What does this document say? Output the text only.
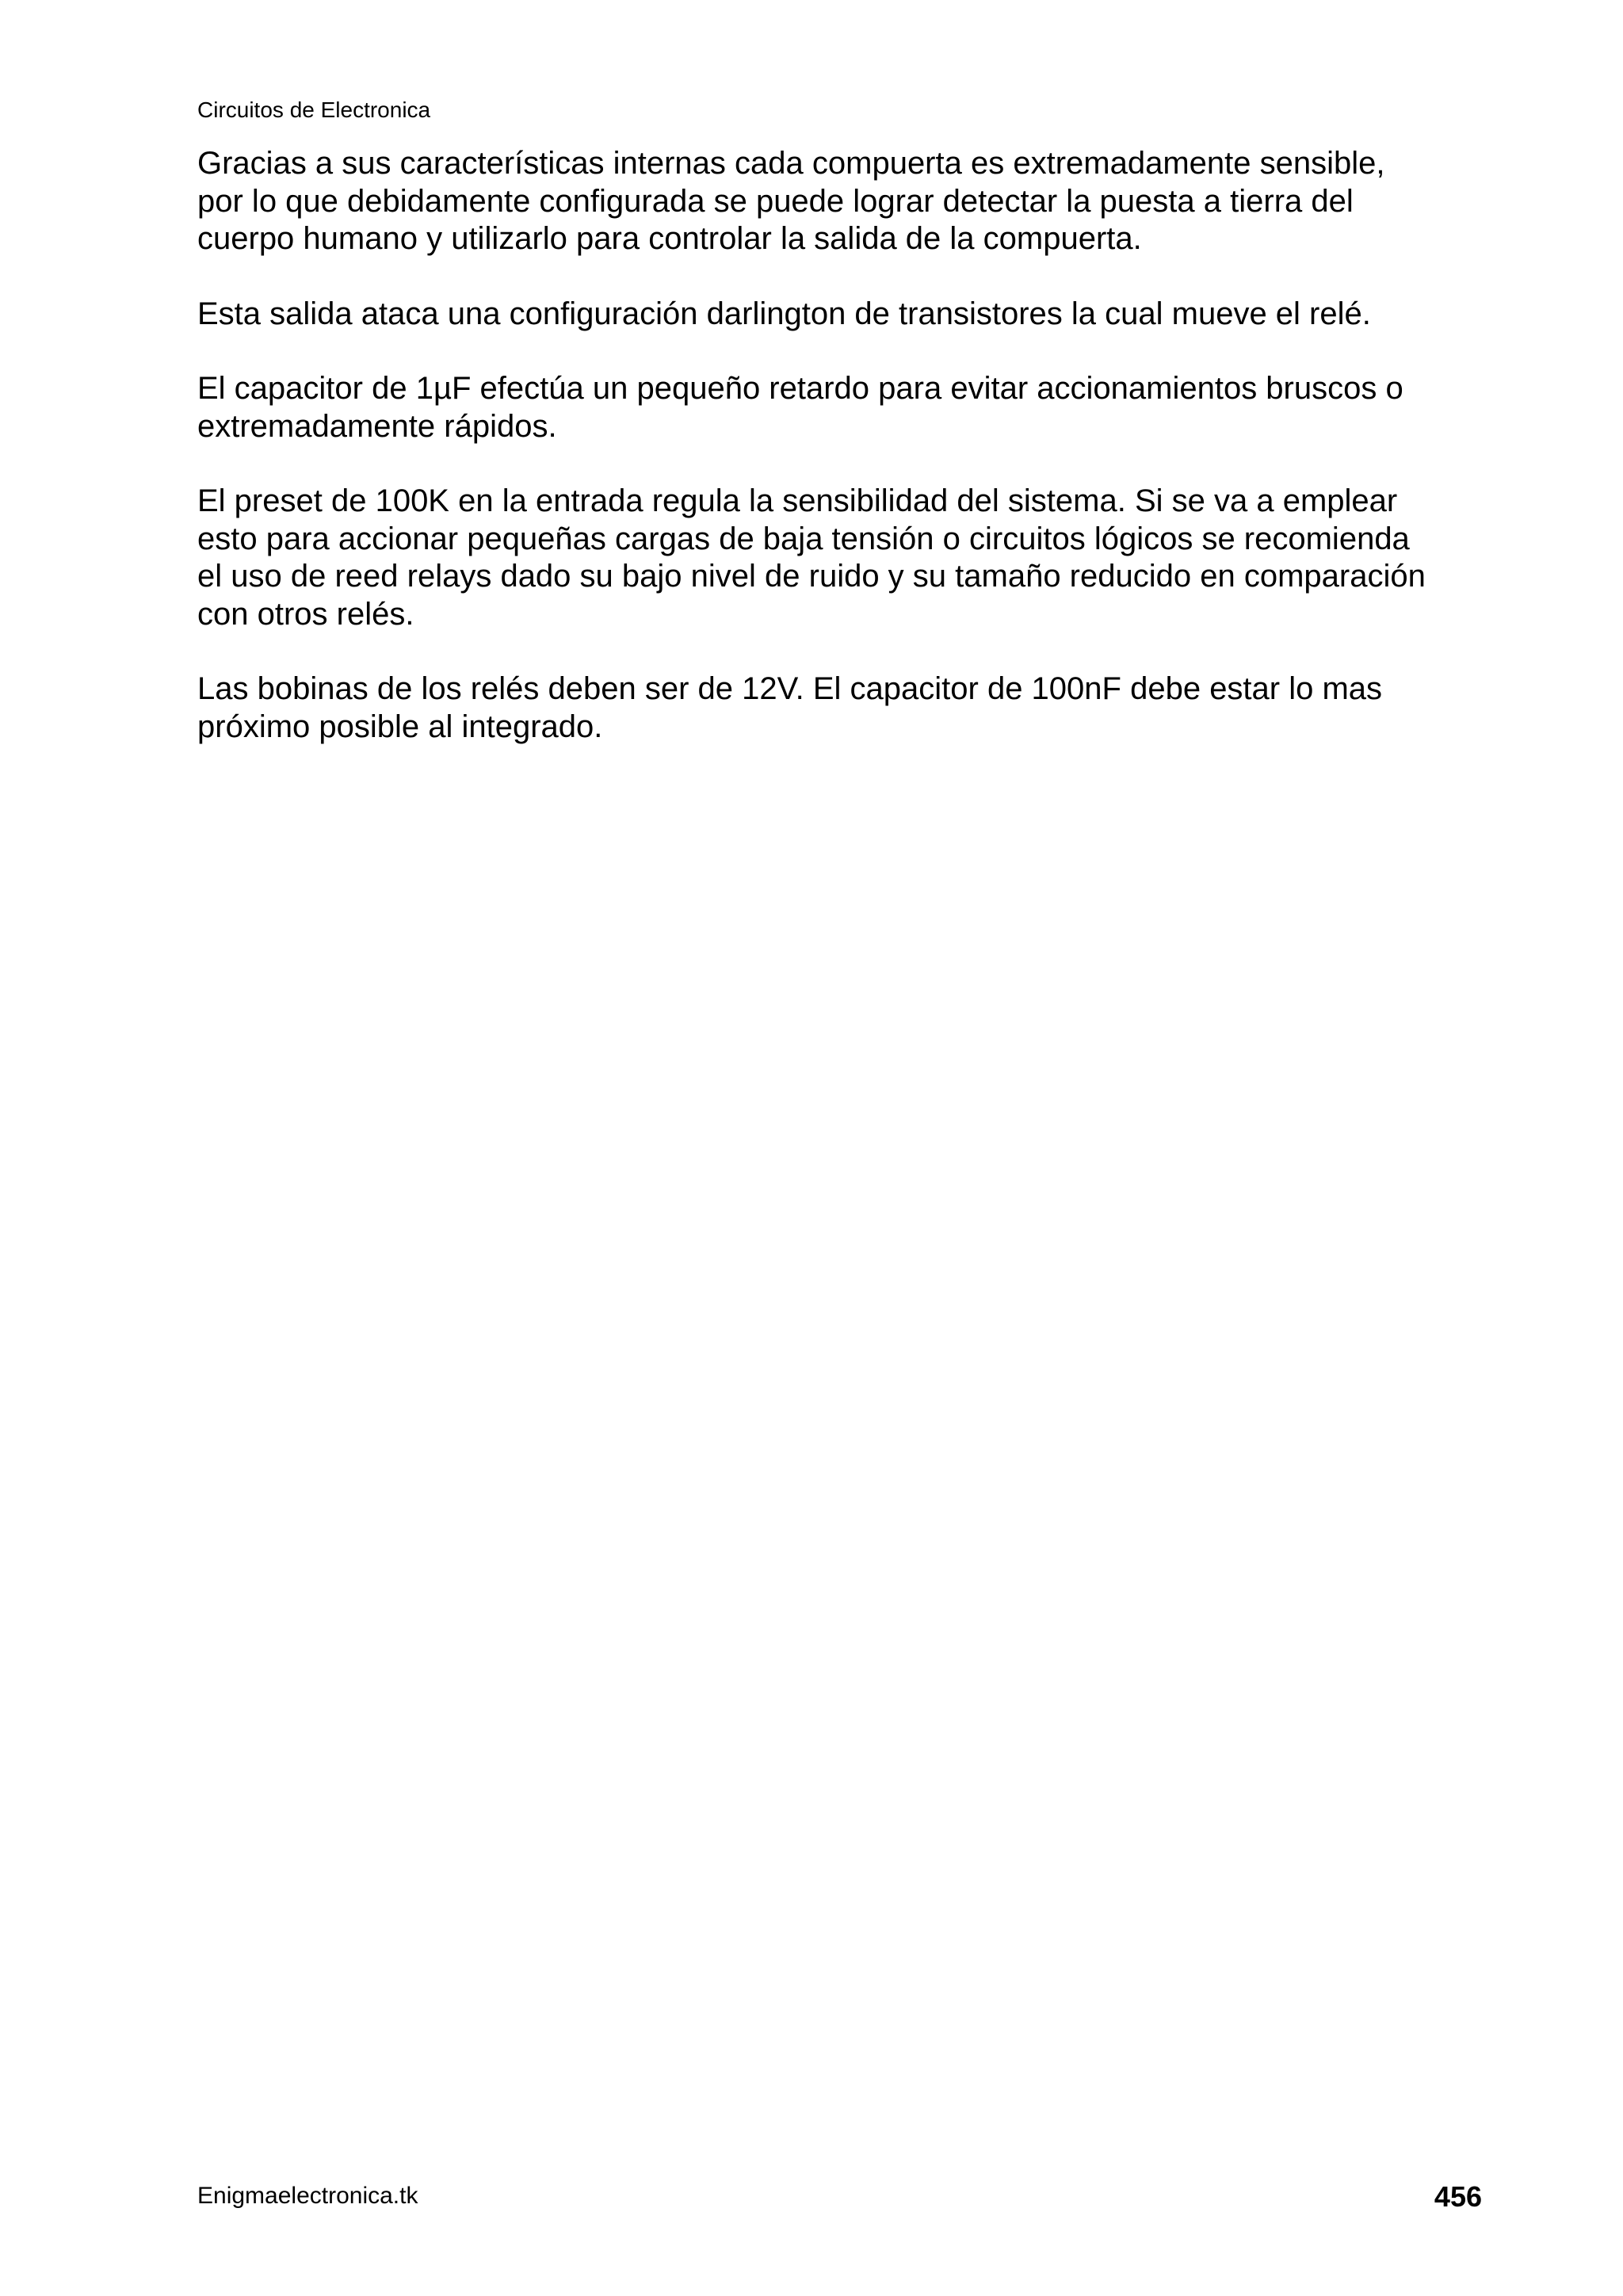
Circuitos de Electronica

Gracias a sus características internas cada compuerta es extremadamente sensible,
por lo que debidamente configurada se puede lograr detectar la puesta a tierra del
cuerpo humano y utilizarlo para controlar la salida de la compuerta.

Esta salida ataca una configuración darlington de transistores la cual mueve el relé.

El capacitor de 1µF efectúa un pequeño retardo para evitar accionamientos bruscos o
extremadamente rápidos.

El preset de 100K en la entrada regula la sensibilidad del sistema. Si se va a emplear
esto para accionar pequeñas cargas de baja tensión o circuitos lógicos se recomienda
el uso de reed relays dado su bajo nivel de ruido y su tamaño reducido en comparación
con otros relés.

Las bobinas de los relés deben ser de 12V. El capacitor de 100nF debe estar lo mas
próximo posible al integrado.

Enigmaelectronica.tk	456
